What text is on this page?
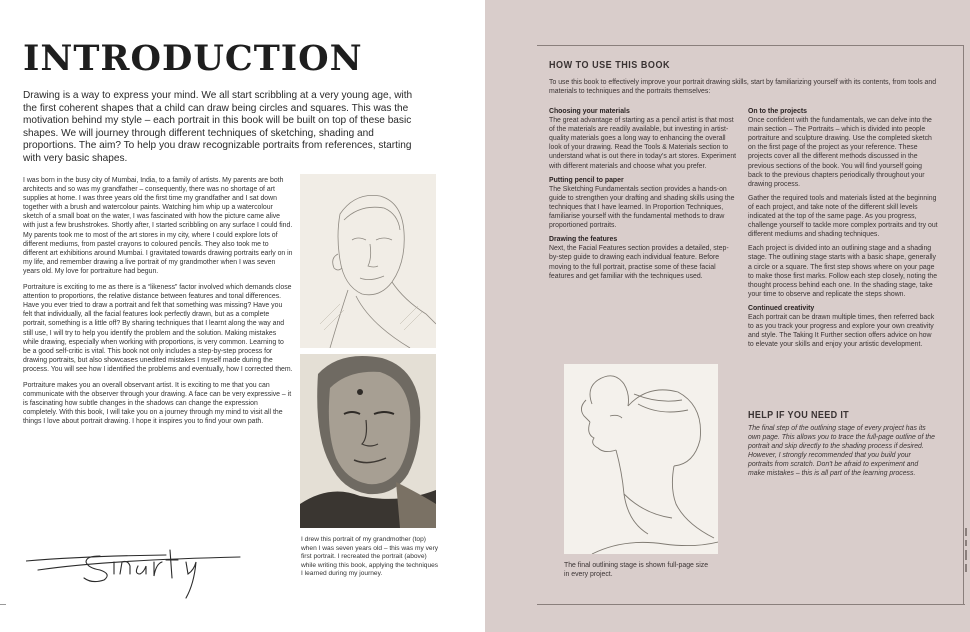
INTRODUCTION

Drawing is a way to express your mind. We all start scribbling at a very young age, with the first coherent shapes that a child can draw being circles and squares. This was the motivation behind my style – each portrait in this book will be built on top of these basic shapes. We will journey through different techniques of sketching, shading and proportions. The aim? To help you draw recognizable portraits from references, starting with very basic shapes.

I was born in the busy city of Mumbai, India, to a family of artists. My parents are both architects and so was my grandfather – consequently, there was no shortage of art supplies at home. I was three years old the first time my grandfather and I sat down together with a brush and watercolour paints. Watching him whip up a watercolour sketch of a small boat on the water, I was fascinated with how the picture came alive with just a few brushstrokes. Shortly after, I started scribbling on any surface I could find. My parents took me to most of the art stores in my city, where I could explore lots of different mediums, from pastel crayons to coloured pencils. They also took me to different art exhibitions around Mumbai. I gravitated towards drawing portraits early on in my life, and remember drawing a live portrait of my grandmother when I was seven years old. My love for portraiture had begun.

Portraiture is exciting to me as there is a “likeness” factor involved which demands close attention to proportions, the relative distance between features and tonal differences. Have you ever tried to draw a portrait and felt that something was missing? Have you felt that individually, all the facial features look perfectly drawn, but as a complete portrait, something is a little off? By sharing techniques that I learnt along the way and still use, I will try to help you identify the problem and the solution. Making mistakes while drawing, especially when working with proportions, is very common. Learning to be a good self-critic is vital. This book not only includes a step-by-step process for drawing portraits, but also showcases unedited mistakes I myself made during the process. You will see how I identified the problems and eventually, how I corrected them.

Portraiture makes you an overall observant artist. It is exciting to me that you can communicate with the observer through your drawing. A face can be very expressive – it is fascinating how subtle changes in the shadows can change the expression completely. With this book, I will take you on a journey through my mind to visit all the things I love about portrait drawing. I hope it inspires you to find your own path.

I drew this portrait of my grandmother (top) when I was seven years old – this was my very first portrait. I recreated the portrait (above) while writing this book, applying the techniques I learned during my journey.

HOW TO USE THIS BOOK

To use this book to effectively improve your portrait drawing skills, start by familiarizing yourself with its contents, from tools and materials to techniques and the portraits themselves:

Choosing your materials

The great advantage of starting as a pencil artist is that most of the materials are readily available, but investing in artist-quality materials goes a long way to enhancing the overall look of your drawing. Read the Tools & Materials section to understand what is out there in today's art stores. Experiment with different materials and choose what you prefer.

Putting pencil to paper

The Sketching Fundamentals section provides a hands-on guide to strengthen your drafting and shading skills using the techniques that I have learned. In Proportion Techniques, familiarise yourself with the fundamental methods to draw proportioned portraits.

Drawing the features

Next, the Facial Features section provides a detailed, step-by-step guide to drawing each individual feature. Before moving to the full portrait, practise some of these facial features and get familiar with the techniques used.

On to the projects

Once confident with the fundamentals, we can delve into the main section – The Portraits – which is divided into people portraiture and sculpture drawing. Use the completed sketch on the first page of the project as your reference. These projects cover all the different methods discussed in the previous sections of the book. You will find yourself going back to the previous chapters periodically throughout your drawing process.

Gather the required tools and materials listed at the beginning of each project, and take note of the different skill levels indicated at the top of the same page. As you progress, challenge yourself to tackle more complex portraits and try out different mediums and shading techniques.

Each project is divided into an outlining stage and a shading stage. The outlining stage starts with a basic shape, generally a circle or a square. The first step shows where on your page to make those first marks. Follow each step closely, noting the thought process behind each one. In the shading stage, take your time to observe and replicate the steps shown.

Continued creativity

Each portrait can be drawn multiple times, then referred back to as you track your progress and explore your own creativity and style. The Taking It Further section offers advice on how to elevate your skills and enjoy your artistic development.

HELP IF YOU NEED IT

The final step of the outlining stage of every project has its own page. This allows you to trace the full-page outline of the portrait and skip directly to the shading process if desired. However, I strongly recommended that you build your portraits from scratch. Don't be afraid to experiment and make mistakes – this is all part of the learning process.

The final outlining stage is shown full-page size in every project.
